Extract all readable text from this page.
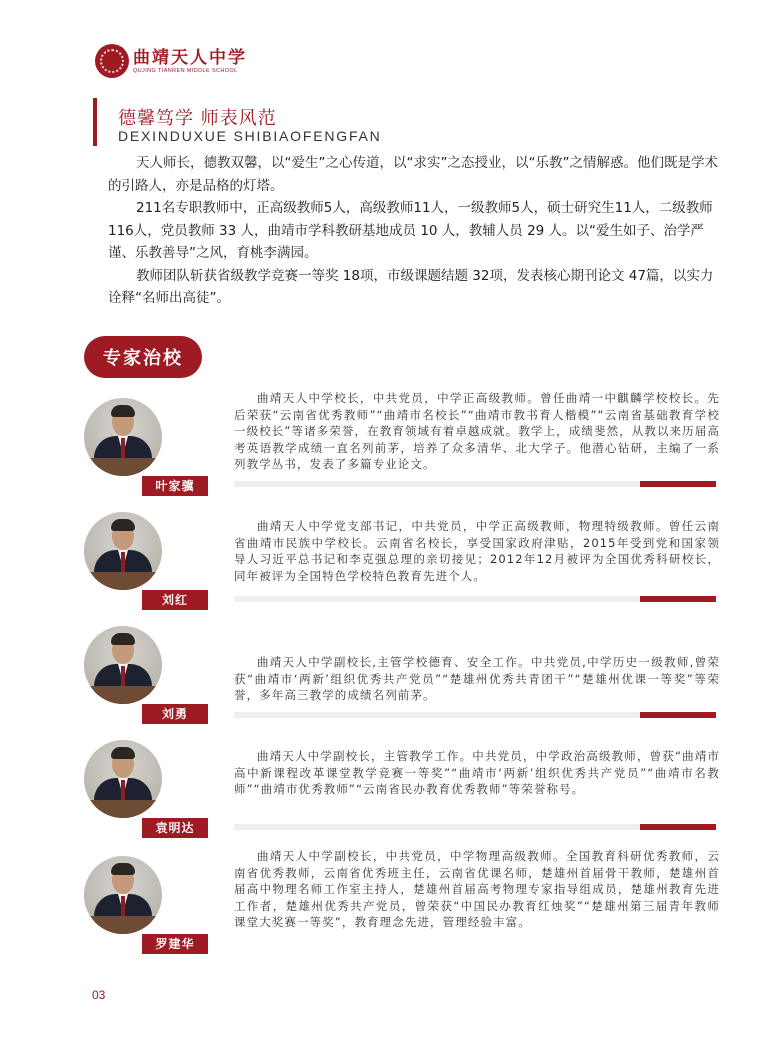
曲靖天人中学
QUJING TIANREN MIDDLE SCHOOL
德馨笃学 师表风范
DEXINDUXUE SHIBIAOFENGFAN

天人师长，德教双馨，以“爱生”之心传道，以“求实”之态授业，以“乐教”之情解惑。他们既是学术的引路人，亦是品格的灯塔。

211名专职教师中，正高级教师5人，高级教师11人，一级教师5人，硕士研究生11人，二级教师 116人，党员教师 33 人，曲靖市学科教研基地成员 10 人，教辅人员 29 人。以“爱生如子、治学严谨、乐教善导”之风，育桃李满园。

教师团队斩获省级教学竞赛一等奖 18项，市级课题结题 32项，发表核心期刊论文 47篇，以实力诠释“名师出高徒”。

专家治校
叶家骥
曲靖天人中学校长，中共党员，中学正高级教师。曾任曲靖一中麒麟学校校长。先后荣获“云南省优秀教师”“曲靖市名校长”“曲靖市教书育人楷模”“云南省基础教育学校一级校长”等诸多荣誉，在教育领域有着卓越成就。教学上，成绩斐然，从教以来历届高考英语教学成绩一直名列前茅，培养了众多清华、北大学子。他潜心钻研，主编了一系列教学丛书，发表了多篇专业论文。
刘红
曲靖天人中学党支部书记，中共党员，中学正高级教师，物理特级教师。曾任云南省曲靖市民族中学校长。云南省名校长，享受国家政府津贴，2015年受到党和国家领导人习近平总书记和李克强总理的亲切接见；2012年12月被评为全国优秀科研校长，同年被评为全国特色学校特色教育先进个人。
刘勇
曲靖天人中学副校长,主管学校德育、安全工作。中共党员,中学历史一级教师,曾荣获“曲靖市‘两新’组织优秀共产党员”“楚雄州优秀共青团干”“楚雄州优课一等奖”等荣誉，多年高三教学的成绩名列前茅。
袁明达
曲靖天人中学副校长，主管教学工作。中共党员，中学政治高级教师，曾获“曲靖市高中新课程改革课堂教学竞赛一等奖”“曲靖市‘两新’组织优秀共产党员”“曲靖市名教师”“曲靖市优秀教师”“云南省民办教育优秀教师”等荣誉称号。
罗建华
曲靖天人中学副校长，中共党员，中学物理高级教师。全国教育科研优秀教师，云南省优秀教师，云南省优秀班主任，云南省优课名师，楚雄州首届骨干教师，楚雄州首届高中物理名师工作室主持人，楚雄州首届高考物理专家指导组成员，楚雄州教育先进工作者，楚雄州优秀共产党员，曾荣获“中国民办教育红烛奖”“楚雄州第三届青年教师课堂大奖赛一等奖”，教育理念先进，管理经验丰富。
03
